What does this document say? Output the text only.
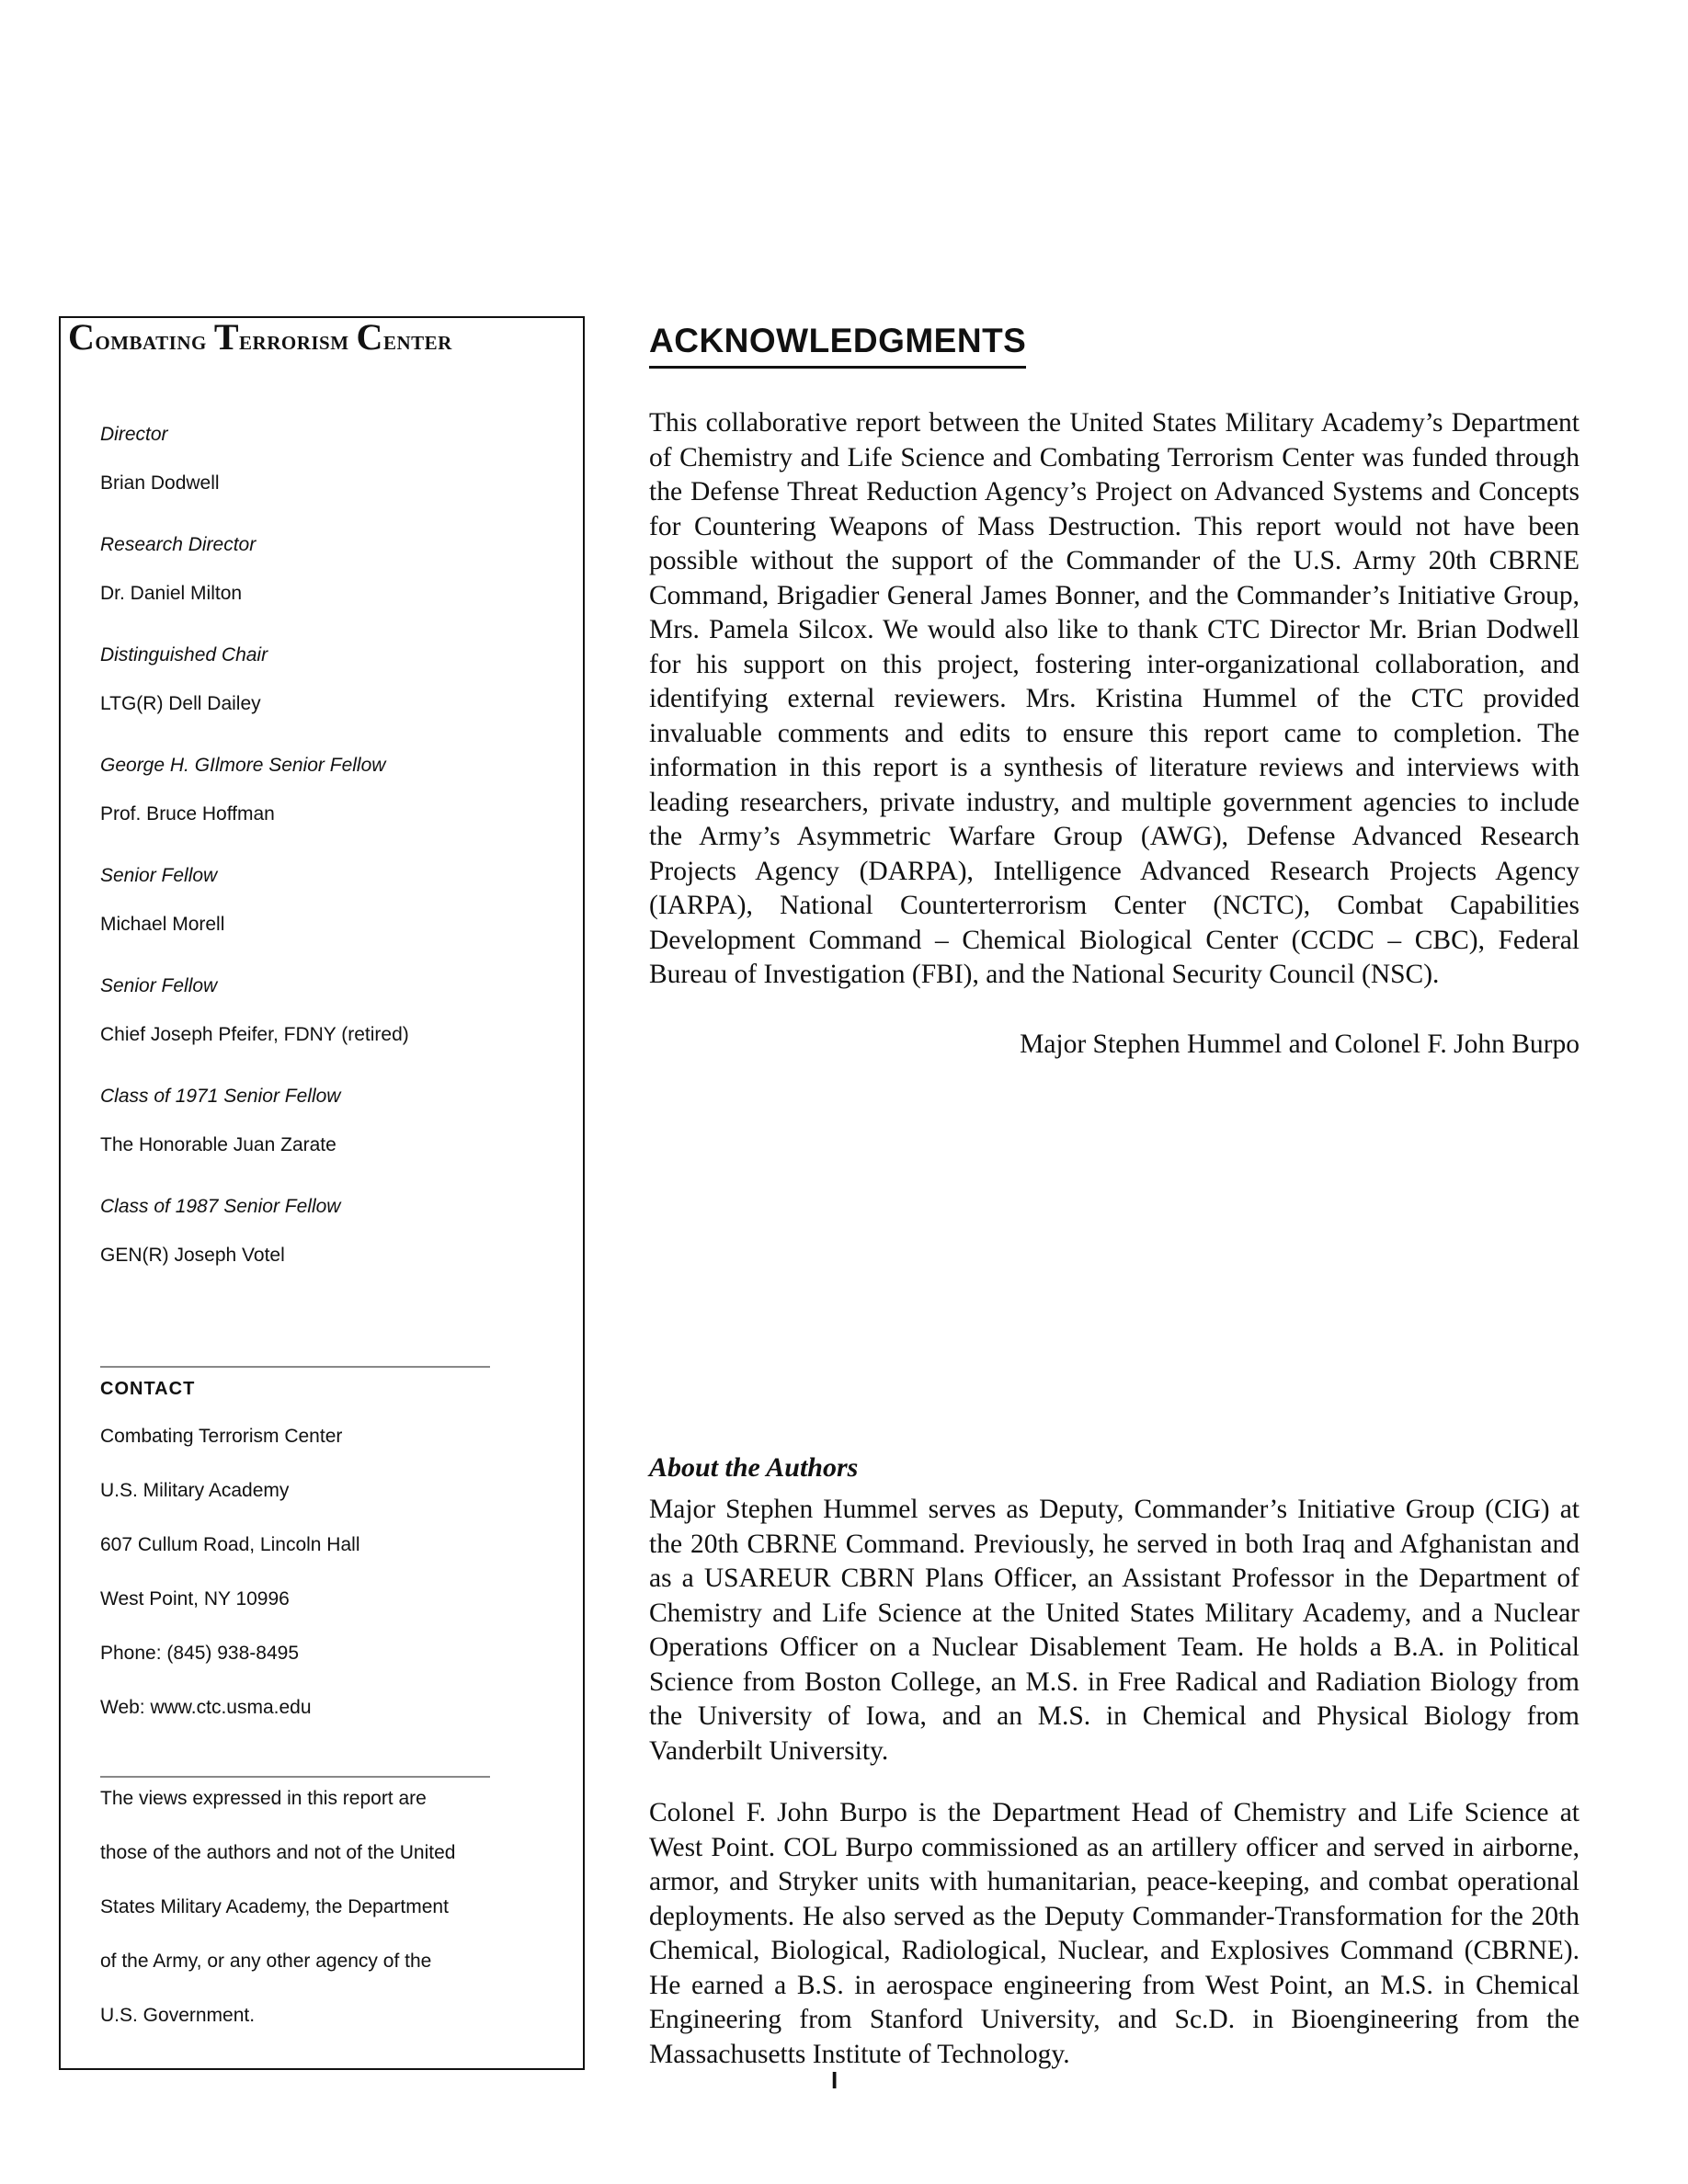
Combating Terrorism Center
Director
Brian Dodwell
Research Director
Dr. Daniel Milton
Distinguished Chair
LTG(R) Dell Dailey
George H. GIlmore Senior Fellow
Prof. Bruce Hoffman
Senior Fellow
Michael Morell
Senior Fellow
Chief Joseph Pfeifer, FDNY (retired)
Class of 1971 Senior Fellow
The Honorable Juan Zarate
Class of 1987 Senior Fellow
GEN(R) Joseph Votel
CONTACT
Combating Terrorism Center
U.S. Military Academy
607 Cullum Road, Lincoln Hall
West Point, NY 10996
Phone: (845) 938-8495
Web: www.ctc.usma.edu
The views expressed in this report are
those of the authors and not of the United
States Military Academy, the Department
of the Army, or any other agency of the
U.S. Government.
ACKNOWLEDGMENTS

This collaborative report between the United States Military Academy’s Department of Chemistry and Life Science and Combating Terrorism Center was funded through the Defense Threat Reduction Agency’s Project on Advanced Systems and Concepts for Countering Weapons of Mass Destruction. This report would not have been possible without the support of the Commander of the U.S. Army 20th CBRNE Command, Brigadier General James Bonner, and the Commander’s Initiative Group, Mrs. Pamela Silcox. We would also like to thank CTC Director Mr. Brian Dodwell for his support on this project, fostering inter-organizational collaboration, and identifying external reviewers. Mrs. Kristina Hummel of the CTC provided invaluable comments and edits to ensure this report came to completion. The information in this report is a synthesis of literature reviews and interviews with leading researchers, private industry, and multiple government agencies to include the Army’s Asymmetric Warfare Group (AWG), Defense Advanced Research Projects Agency (DARPA), Intelligence Advanced Research Projects Agency (IARPA), National Counterterrorism Center (NCTC), Combat Capabilities Development Command – Chemical Biological Center (CCDC – CBC), Federal Bureau of Investigation (FBI), and the National Security Council (NSC).

Major Stephen Hummel and Colonel F. John Burpo
About the Authors

Major Stephen Hummel serves as Deputy, Commander’s Initiative Group (CIG) at the 20th CBRNE Command. Previously, he served in both Iraq and Afghanistan and as a USAREUR CBRN Plans Officer, an Assistant Professor in the Department of Chemistry and Life Science at the United States Military Academy, and a Nuclear Operations Officer on a Nuclear Disablement Team. He holds a B.A. in Political Science from Boston College, an M.S. in Free Radical and Radiation Biology from the University of Iowa, and an M.S. in Chemical and Physical Biology from Vanderbilt University.

Colonel F. John Burpo is the Department Head of Chemistry and Life Science at West Point. COL Burpo commissioned as an artillery officer and served in airborne, armor, and Stryker units with humanitarian, peace-keeping, and combat operational deployments. He also served as the Deputy Commander-Transformation for the 20th Chemical, Biological, Radiological, Nuclear, and Explosives Command (CBRNE). He earned a B.S. in aerospace engineering from West Point, an M.S. in Chemical Engineering from Stanford University, and Sc.D. in Bioengineering from the Massachusetts Institute of Technology.

I
